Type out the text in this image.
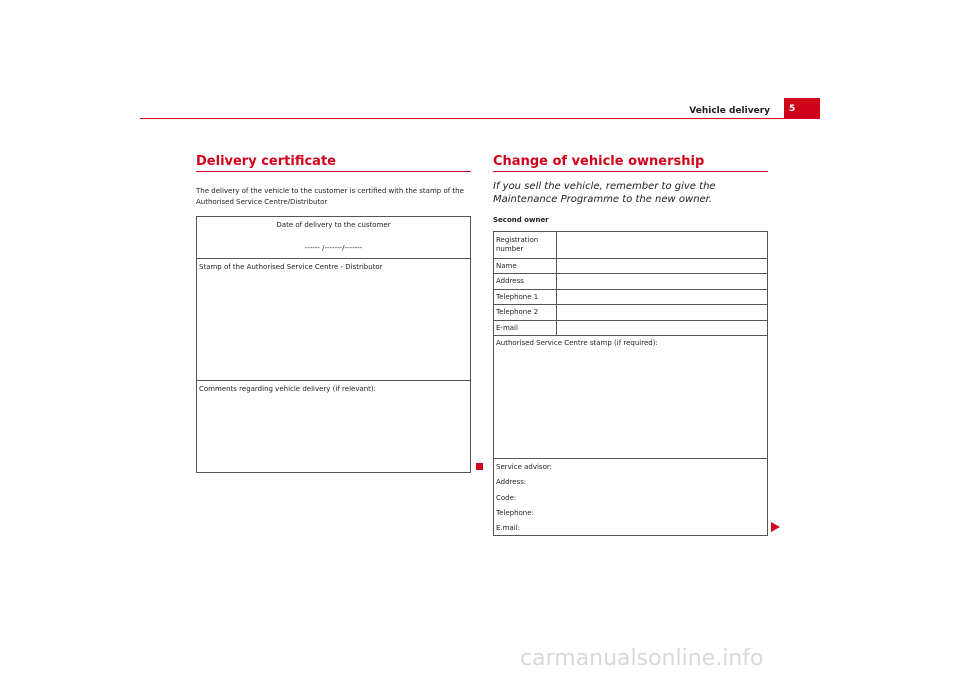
Vehicle delivery	5
Delivery certificate
The delivery of the vehicle to the customer is certified with the stamp of the Authorised Service Centre/Distributor
Date of delivery to the customer
------ /-------/-------
Stamp of the Authorised Service Centre - Distributor
Comments regarding vehicle delivery (if relevant):
Change of vehicle ownership
If you sell the vehicle, remember to give the Maintenance Programme to the new owner.
Second owner
Registration number
Name
Address
Telephone 1
Telephone 2
E-mail
Authorised Service Centre stamp (if required):
Service advisor:
Address:
Code:
Telephone:
E.mail:
carmanualsonline.info
